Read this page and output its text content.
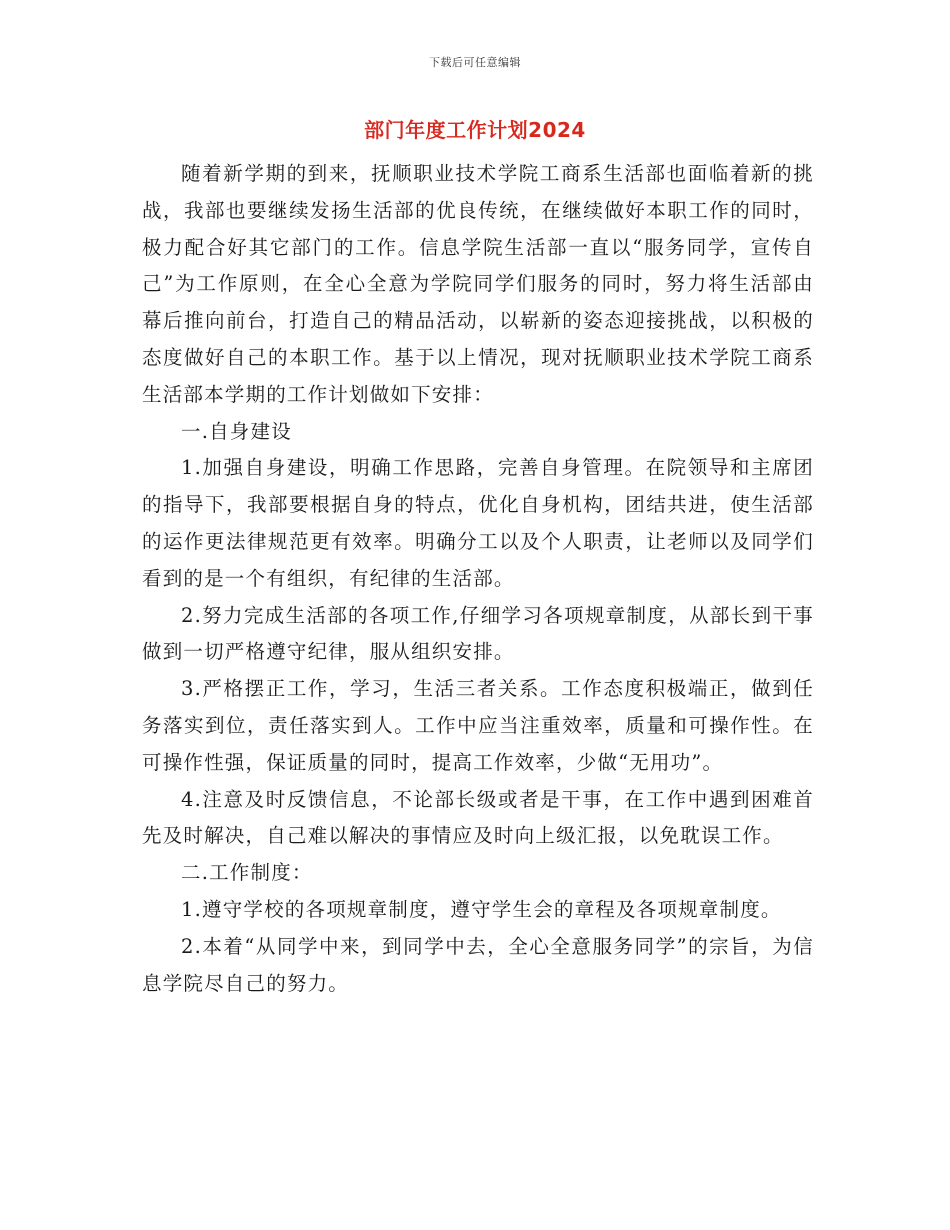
下载后可任意编辑
部门年度工作计划2024

随着新学期的到来，抚顺职业技术学院工商系生活部也面临着新的挑战，我部也要继续发扬生活部的优良传统，在继续做好本职工作的同时，极力配合好其它部门的工作。信息学院生活部一直以“服务同学，宣传自己”为工作原则，在全心全意为学院同学们服务的同时，努力将生活部由幕后推向前台，打造自己的精品活动，以崭新的姿态迎接挑战，以积极的态度做好自己的本职工作。基于以上情况，现对抚顺职业技术学院工商系生活部本学期的工作计划做如下安排：

一.自身建设

1.加强自身建设，明确工作思路，完善自身管理。在院领导和主席团的指导下，我部要根据自身的特点，优化自身机构，团结共进，使生活部的运作更法律规范更有效率。明确分工以及个人职责，让老师以及同学们看到的是一个有组织，有纪律的生活部。

2.努力完成生活部的各项工作,仔细学习各项规章制度，从部长到干事做到一切严格遵守纪律，服从组织安排。

3.严格摆正工作，学习，生活三者关系。工作态度积极端正，做到任务落实到位，责任落实到人。工作中应当注重效率，质量和可操作性。在可操作性强，保证质量的同时，提高工作效率，少做“无用功”。

4.注意及时反馈信息，不论部长级或者是干事，在工作中遇到困难首先及时解决，自己难以解决的事情应及时向上级汇报，以免耽误工作。

二.工作制度：

1.遵守学校的各项规章制度，遵守学生会的章程及各项规章制度。

2.本着“从同学中来，到同学中去，全心全意服务同学”的宗旨，为信息学院尽自己的努力。
